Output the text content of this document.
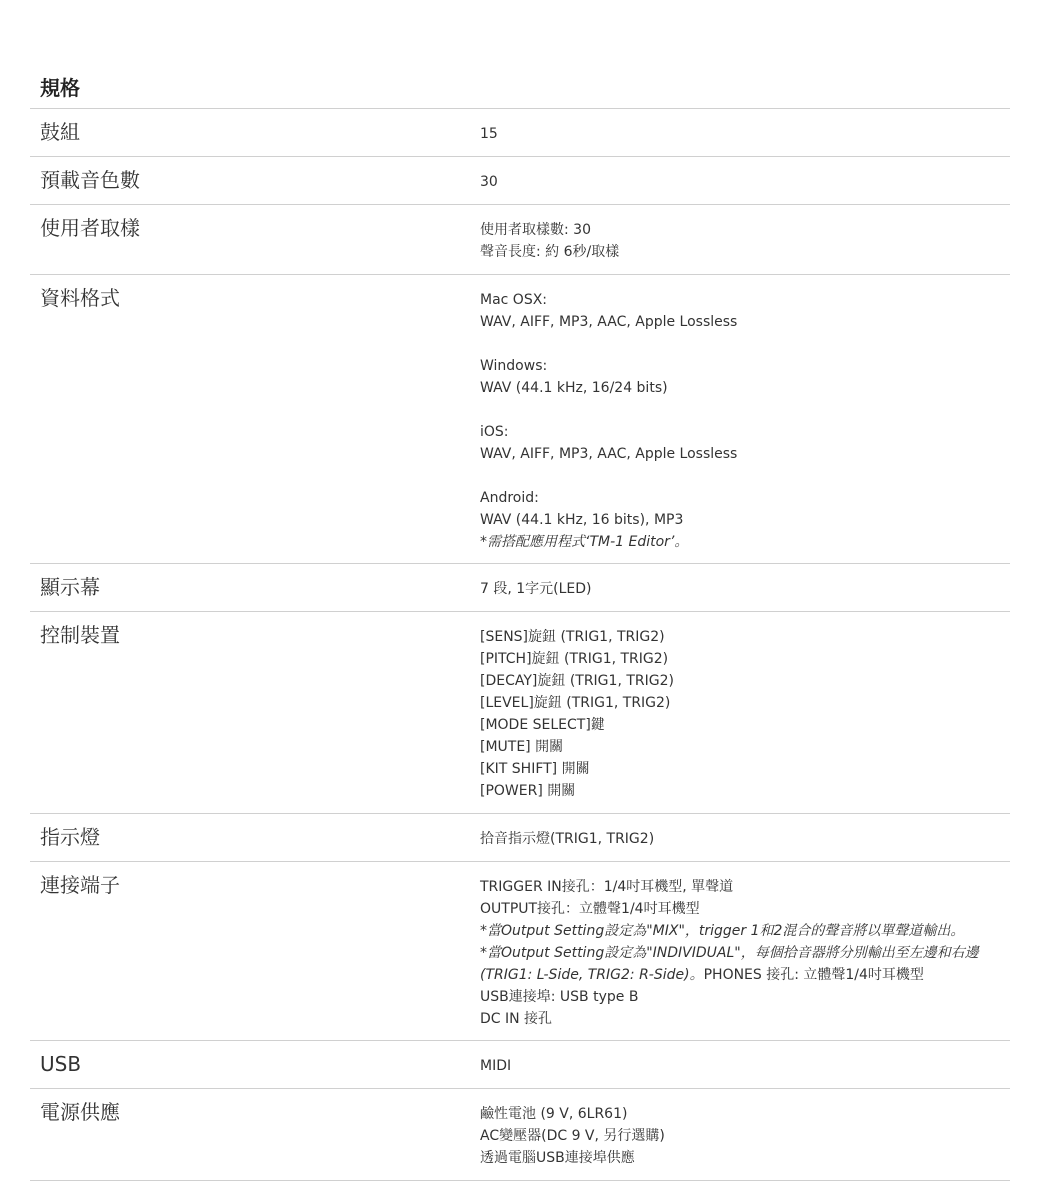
規格
鼓組	15
預載音色數	30
使用者取樣	使用者取樣數: 30
聲音長度: 約 6秒/取樣
資料格式	Mac OSX:
WAV, AIFF, MP3, AAC, Apple Lossless
Windows:
WAV (44.1 kHz, 16/24 bits)
iOS:
WAV, AIFF, MP3, AAC, Apple Lossless
Android:
WAV (44.1 kHz, 16 bits), MP3
*需搭配應用程式‘TM-1 Editor’。
顯示幕	7 段, 1字元(LED)
控制裝置	[SENS]旋鈕 (TRIG1, TRIG2)
[PITCH]旋鈕 (TRIG1, TRIG2)
[DECAY]旋鈕 (TRIG1, TRIG2)
[LEVEL]旋鈕 (TRIG1, TRIG2)
[MODE SELECT]鍵
[MUTE] 開關
[KIT SHIFT] 開關
[POWER] 開關
指示燈	拾音指示燈(TRIG1, TRIG2)
連接端子	TRIGGER IN接孔：1/4吋耳機型, 單聲道
OUTPUT接孔：立體聲1/4吋耳機型
*當Output Setting設定為"MIX"，trigger 1和2混合的聲音將以單聲道輸出。
*當Output Setting設定為"INDIVIDUAL"，每個拾音器將分別輸出至左邊和右邊
(TRIG1: L-Side, TRIG2: R-Side)。PHONES 接孔: 立體聲1/4吋耳機型
USB連接埠: USB type B
DC IN 接孔
USB	MIDI
電源供應	鹼性電池 (9 V, 6LR61)
AC變壓器(DC 9 V, 另行選購)
透過電腦USB連接埠供應
